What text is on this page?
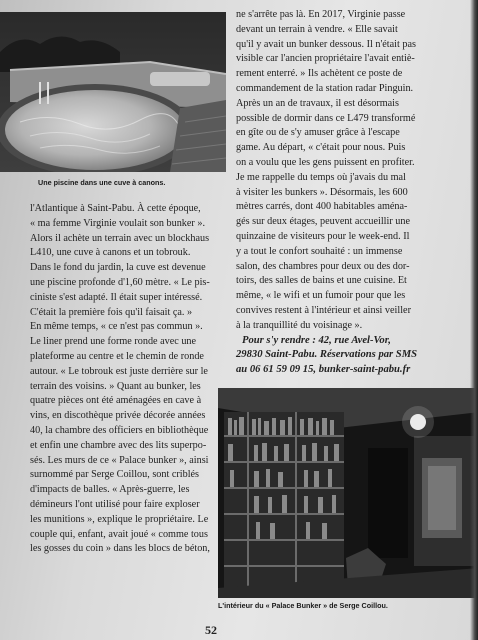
Une piscine dans une cuve à canons.
ne s'arrête pas là. En 2017, Virginie passe
devant un terrain à vendre. « Elle savait
qu'il y avait un bunker dessous. Il n'était pas
visible car l'ancien propriétaire l'avait entiè-
rement enterré. » Ils achètent ce poste de
commandement de la station radar Pinguin.
Après un an de travaux, il est désormais
possible de dormir dans ce L479 transformé
en gîte ou de s'y amuser grâce à l'escape
game. Au départ, « c'était pour nous. Puis
on a voulu que les gens puissent en profiter.
Je me rappelle du temps où j'avais du mal
à visiter les bunkers ». Désormais, les 600
mètres carrés, dont 400 habitables aména-
gés sur deux étages, peuvent accueillir une
quinzaine de visiteurs pour le week-end. Il
y a tout le confort souhaité : un immense
salon, des chambres pour deux ou des dor-
toirs, des salles de bains et une cuisine. Et
même, « le wifi et un fumoir pour que les
convives restent à l'intérieur et ainsi veiller
à la tranquillité du voisinage ».
Pour s'y rendre : 42, rue Avel-Vor,
29830 Saint-Pabu. Réservations par SMS
au 06 61 59 09 15, bunker-saint-pabu.fr
l'Atlantique à Saint-Pabu. À cette époque,
« ma femme Virginie voulait son bunker ».
Alors il achète un terrain avec un blockhaus
L410, une cuve à canons et un tobrouk.
Dans le fond du jardin, la cuve est devenue
une piscine profonde d'1,60 mètre. « Le pis-
ciniste s'est adapté. Il était super intéressé.
C'était la première fois qu'il faisait ça. »
En même temps, « ce n'est pas commun ».
Le liner prend une forme ronde avec une
plateforme au centre et le chemin de ronde
autour. « Le tobrouk est juste derrière sur le
terrain des voisins. » Quant au bunker, les
quatre pièces ont été aménagées en cave à
vins, en discothèque privée décorée années
40, la chambre des officiers en bibliothèque
et enfin une chambre avec des lits superpo-
sés. Les murs de ce « Palace bunker », ainsi
surnommé par Serge Coillou, sont criblés
d'impacts de balles. « Après-guerre, les
démineurs l'ont utilisé pour faire exploser
les munitions », explique le propriétaire. Le
couple qui, enfant, avait joué « comme tous
les gosses du coin » dans les blocs de béton,
L'intérieur du « Palace Bunker » de Serge Coillou.
52
